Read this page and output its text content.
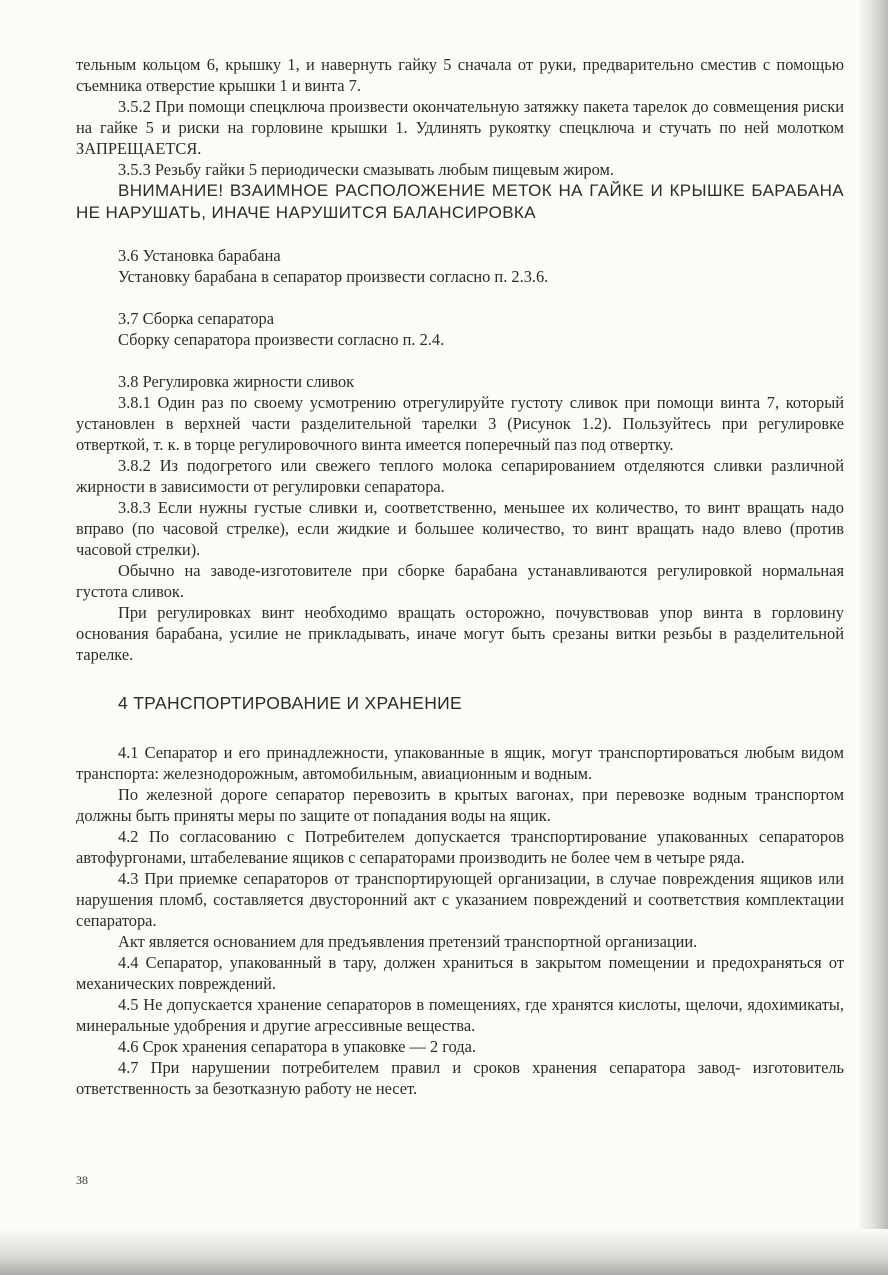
тельным кольцом 6, крышку 1, и навернуть гайку 5 сначала от руки, предварительно сместив с помощью съемника отверстие крышки 1 и винта 7.

3.5.2 При помощи спецключа произвести окончательную затяжку пакета тарелок до совмещения риски на гайке 5 и риски на горловине крышки 1. Удлинять рукоятку спецключа и стучать по ней молотком ЗАПРЕЩАЕТСЯ.

3.5.3 Резьбу гайки 5 периодически смазывать любым пищевым жиром.

ВНИМАНИЕ! ВЗАИМНОЕ РАСПОЛОЖЕНИЕ МЕТОК НА ГАЙКЕ И КРЫШКЕ БАРАБАНА НЕ НАРУШАТЬ, ИНАЧЕ НАРУШИТСЯ БАЛАНСИРОВКА

3.6 Установка барабана

Установку барабана в сепаратор произвести согласно п. 2.3.6.

3.7 Сборка сепаратора

Сборку сепаратора произвести согласно п. 2.4.

3.8 Регулировка жирности сливок

3.8.1 Один раз по своему усмотрению отрегулируйте густоту сливок при помощи винта 7, который установлен в верхней части разделительной тарелки 3 (Рисунок 1.2). Пользуйтесь при регулировке отверткой, т. к. в торце регулировочного винта имеется поперечный паз под отвертку.

3.8.2 Из подогретого или свежего теплого молока сепарированием отделяются сливки различной жирности в зависимости от регулировки сепаратора.

3.8.3 Если нужны густые сливки и, соответственно, меньшее их количество, то винт вращать надо вправо (по часовой стрелке), если жидкие и большее количество, то винт вращать надо влево (против часовой стрелки).

Обычно на заводе-изготовителе при сборке барабана устанавливаются регулировкой нормальная густота сливок.

При регулировках винт необходимо вращать осторожно, почувствовав упор винта в горловину основания барабана, усилие не прикладывать, иначе могут быть срезаны витки резьбы в разделительной тарелке.

4 ТРАНСПОРТИРОВАНИЕ И ХРАНЕНИЕ

4.1 Сепаратор и его принадлежности, упакованные в ящик, могут транспортироваться любым видом транспорта: железнодорожным, автомобильным, авиационным и водным.

По железной дороге сепаратор перевозить в крытых вагонах, при перевозке водным транспортом должны быть приняты меры по защите от попадания воды на ящик.

4.2 По согласованию с Потребителем допускается транспортирование упакованных сепараторов автофургонами, штабелевание ящиков с сепараторами производить не более чем в четыре ряда.

4.3 При приемке сепараторов от транспортирующей организации, в случае повреждения ящиков или нарушения пломб, составляется двусторонний акт с указанием повреждений и соответствия комплектации сепаратора.

Акт является основанием для предъявления претензий транспортной организации.

4.4 Сепаратор, упакованный в тару, должен храниться в закрытом помещении и предохраняться от механических повреждений.

4.5 Не допускается хранение сепараторов в помещениях, где хранятся кислоты, щелочи, ядохимикаты, минеральные удобрения и другие агрессивные вещества.

4.6 Срок хранения сепаратора в упаковке — 2 года.

4.7 При нарушении потребителем правил и сроков хранения сепаратора завод- изготовитель ответственность за безотказную работу не несет.

38
